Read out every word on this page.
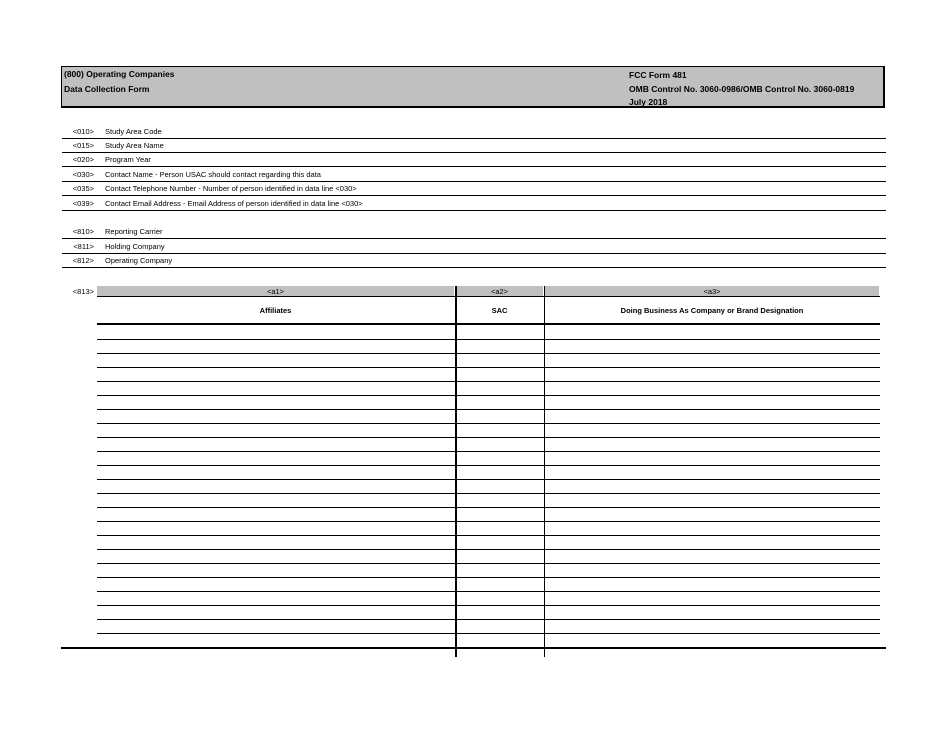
(800) Operating Companies
Data Collection Form
FCC Form 481
OMB Control No. 3060-0986/OMB Control No. 3060-0819
July 2018
<010> Study Area Code
<015> Study Area Name
<020> Program Year
<030> Contact Name - Person USAC should contact regarding this data
<035> Contact Telephone Number - Number of person identified in data line <030>
<039> Contact Email Address - Email Address of person identified in data line <030>
<810> Reporting Carrier
<811> Holding Company
<812> Operating Company
<813>	<a1>	<a2>	<a3>
Affiliates	SAC	Doing Business As Company or Brand Designation
